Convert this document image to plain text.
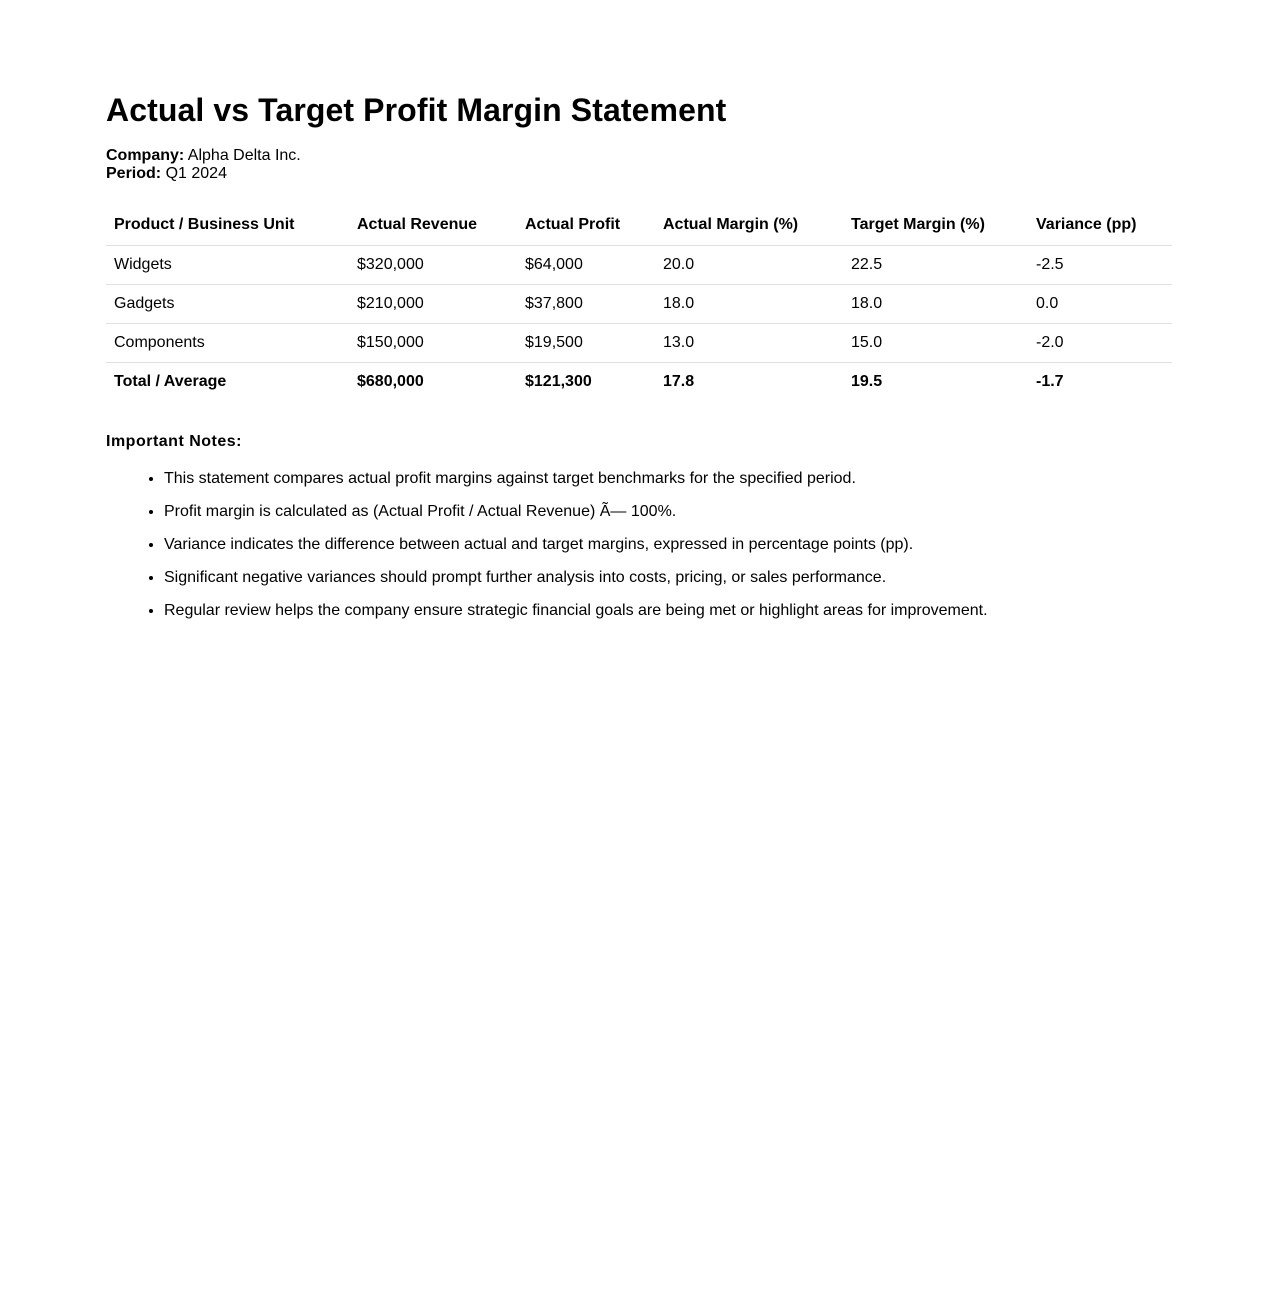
Actual vs Target Profit Margin Statement
Company: Alpha Delta Inc.
Period: Q1 2024
Product / Business Unit	Actual Revenue	Actual Profit	Actual Margin (%)	Target Margin (%)	Variance (pp)
Widgets	$320,000	$64,000	20.0	22.5	-2.5
Gadgets	$210,000	$37,800	18.0	18.0	0.0
Components	$150,000	$19,500	13.0	15.0	-2.0
Total / Average	$680,000	$121,300	17.8	19.5	-1.7
Important Notes:
• This statement compares actual profit margins against target benchmarks for the specified period.
• Profit margin is calculated as (Actual Profit / Actual Revenue) Ã— 100%.
• Variance indicates the difference between actual and target margins, expressed in percentage points (pp).
• Significant negative variances should prompt further analysis into costs, pricing, or sales performance.
• Regular review helps the company ensure strategic financial goals are being met or highlight areas for improvement.
